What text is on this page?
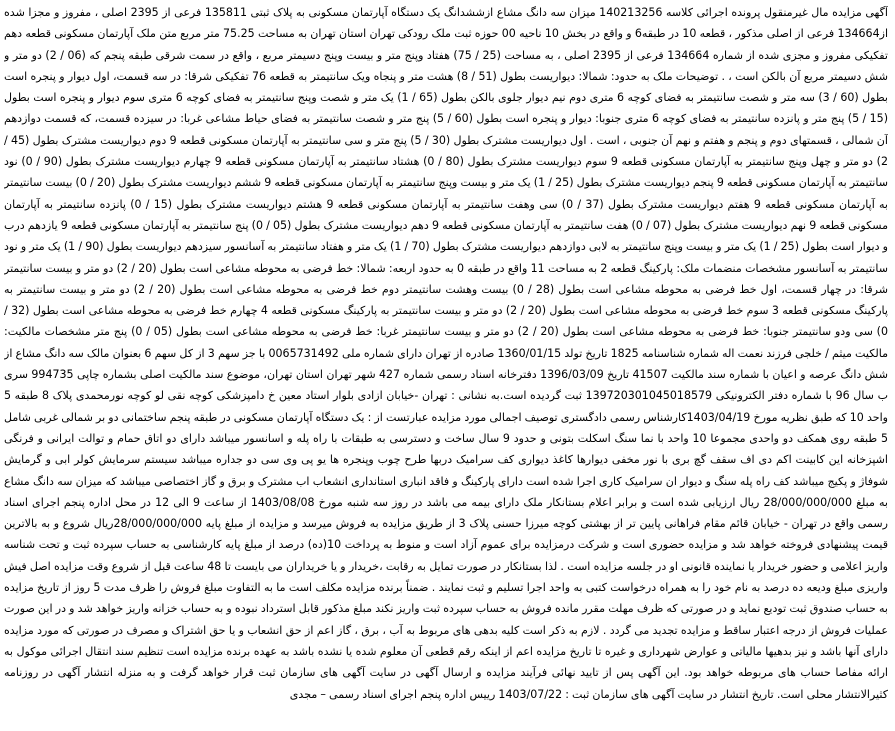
آگهی مزایده مال غیرمنقول پرونده اجرائی کلاسه 140213256 میزان سه دانگ مشاع ازششدانگ یک دستگاه آپارتمان مسکونی به پلاک ثبتی 135811 فرعی از 2395 اصلی ، مفروز و مجزا شده از134664 فرعی از اصلی مذکور ، قطعه 10 در طبقه6 و واقع در بخش 10 ناحیه 00 حوزه ثبت ملک رودکی تهران استان تهران به مساحت 75.25 متر مربع متن ملک آپارتمان مسکونی قطعه دهم تفکیکی مفروز و مجزی شده از شماره 134664 فرعی از 2395 اصلی ، به مساحت (25 / 75) هفتاد وپنج متر و بیست وپنج دسیمتر مربع ، واقع در سمت شرقی طبقه پنجم که (06 / 2) دو متر و شش دسیمتر مربع آن بالکن است ، . توضیحات ملک به حدود: شمالا: دیواریست بطول (51 / 8) هشت متر و پنجاه ویک سانتیمتر به قطعه 76 تفکیکی شرقا: در سه قسمت، اول دیوار و پنجره است بطول (60 / 3) سه متر و شصت سانتیمتر به فضای کوچه 6 متری دوم نیم دیوار جلوی بالکن بطول (65 / 1) یک متر و شصت وپنج سانتیمتر به فضای کوچه 6 متری سوم دیوار و پنجره است بطول (15 / 5) پنج متر و پانزده سانتیمتر به فضای کوچه 6 متری جنوبا: دیوار و پنجره است بطول (60 / 5) پنج متر و شصت سانتیمتر به فضای حیاط مشاعی غربا: در سیزده قسمت، که قسمت دوازدهم آن شمالی ، قسمتهای دوم و پنجم و هفتم و نهم آن جنوبی ، است . اول دیواریست مشترک بطول (30 / 5) پنج متر و سی سانتیمتر به آپارتمان مسکونی قطعه 9 دوم دیواریست مشترک بطول (45 / 2) دو متر و چهل وپنج سانتیمتر به آپارتمان مسکونی قطعه 9 سوم دیواریست مشترک بطول (80 / 0) هشتاد سانتیمتر به آپارتمان مسکونی قطعه 9 چهارم دیواریست مشترک بطول (90 / 0) نود سانتیمتر به آپارتمان مسکونی قطعه 9 پنجم دیواریست مشترک بطول (25 / 1) یک متر و بیست وپنج سانتیمتر به آپارتمان مسکونی قطعه 9 ششم دیواریست مشترک بطول (20 / 0) بیست سانتیمتر به آپارتمان مسکونی قطعه 9 هفتم دیواریست مشترک بطول (37 / 0) سی وهفت سانتیمتر به آپارتمان مسکونی قطعه 9 هشتم دیواریست مشترک بطول (15 / 0) پانزده سانتیمتر به آپارتمان مسکونی قطعه 9 نهم دیواریست مشترک بطول (07 / 0) هفت سانتیمتر به آپارتمان مسکونی قطعه 9 دهم دیواریست مشترک بطول (05 / 0) پنج سانتیمتر به آپارتمان مسکونی قطعه 9 یازدهم درب و دیوار است بطول (25 / 1) یک متر و بیست وپنج سانتیمتر به لابی دوازدهم دیواریست مشترک بطول (70 / 1) یک متر و هفتاد سانتیمتر به آسانسور سیزدهم دیواریست بطول (90 / 1) یک متر و نود سانتیمتر به آسانسور مشخصات منضمات ملک: پارکینگ قطعه 2 به مساحت 11 واقع در طبقه 0 به حدود اربعه: شمالا: خط فرضی به محوطه مشاعی است بطول (20 / 2) دو متر و بیست سانتیمتر شرقا: در چهار قسمت، اول خط فرضی به محوطه مشاعی است بطول (28 / 0) بیست وهشت سانتیمتر دوم خط فرضی به محوطه مشاعی است بطول (20 / 2) دو متر و بیست سانتیمتر به پارکینگ مسکونی قطعه 3 سوم خط فرضی به محوطه مشاعی است بطول (20 / 2) دو متر و بیست سانتیمتر به پارکینگ مسکونی قطعه 4 چهارم خط فرضی به محوطه مشاعی است بطول (32 / 0) سی ودو سانتیمتر جنوبا: خط فرضی به محوطه مشاعی است بطول (20 / 2) دو متر و بیست سانتیمتر غربا: خط فرضی به محوطه مشاعی است بطول (05 / 0) پنج متر مشخصات مالکیت: مالکیت میثم / خلجی فرزند نعمت اله شماره شناسنامه 1825 تاریخ تولد 1360/01/15 صادره از تهران دارای شماره ملی 0065731492 با جز سهم 3 از کل سهم 6 بعنوان مالک سه دانگ مشاع از شش دانگ عرصه و اعیان با شماره سند مالکیت 41507 تاریخ 1396/03/09 دفترخانه اسناد رسمی شماره 427 شهر تهران استان تهران، موضوع سند مالکیت اصلی بشماره چاپی 994735 سری ب سال 96 با شماره دفتر الکترونیکی 139720301045018579 ثبت گردیده است.به نشانی : تهران -خیابان ازادی بلوار استاد معین خ دامپزشکی کوچه نقی لو کوچه نورمحمدی پلاک 8 طبقه 5 واحد 10 که طبق نظریه مورخ 1403/04/19کارشناس رسمی دادگستری توصیف اجمالی مورد مزایده عبارتست از : یک دستگاه آپارتمان مسکونی در طبقه پنجم ساختمانی دو بر شمالی غربی شامل 5 طبقه روی همکف دو واحدی مجموعا 10 واحد با نما سنگ اسکلت بتونی و حدود 9 سال ساخت و دسترسی به طبقات با راه پله و اسانسور میباشد دارای دو اتاق حمام و توالت ایرانی و فرنگی اشپزخانه این کابینت اکم دی اف سقف گچ بری با نور مخفی دیوارها کاغذ دیواری کف سرامیک دربها طرح چوب وپنجره ها یو پی وی سی دو جداره میباشد سیستم سرمایش کولر ابی و گرمایش شوفاژ و پکیج میباشد کف راه پله سنگ و دیوار ان سرامیک کاری اجرا شده است دارای پارکینگ و فاقد انباری استانداری انشعاب اب مشترک و برق و گاز اختصاصی میباشد که میزان سه دانگ مشاع به مبلغ 28/000/000/000 ریال ارزیابی شده است و برابر اعلام بستانکار ملک دارای بیمه می باشد در روز سه شنبه مورخ 1403/08/08 از ساعت 9 الی 12 در محل اداره پنجم اجرای اسناد رسمی واقع در تهران - خیابان قائم مقام فراهانی پایین تر از بهشتی کوچه میرزا حسنی پلاک 3 از طریق مزایده به فروش میرسد و مزایده از مبلغ پایه 28/000/000/000ریال شروع و به بالاترین قیمت پیشنهادی فروخته خواهد شد و مزایده حضوری است و شرکت درمزایده برای عموم آزاد است و منوط به پرداخت 10(ده) درصد از مبلغ پایه کارشناسی به حساب سپرده ثبت و تحت شناسه واریز اعلامی و حضور خریدار یا نماینده قانونی او در جلسه مزایده است . لذا بستانکار در صورت تمایل به رقابت ،خریدار و یا خریداران می بایست تا 48 ساعت قبل از شروع وقت مزایده اصل فیش واریزی مبلغ ودیعه ده درصد به نام خود را به همراه درخواست کتبی به واحد اجرا تسلیم و ثبت نمایند . ضمناً برنده مزایده مکلف است ما به التفاوت مبلغ فروش را ظرف مدت 5 روز از تاریخ مزایده به حساب صندوق ثبت تودیع نماید و در صورتی که ظرف مهلت مقرر مانده فروش به حساب سپرده ثبت واریز نکند مبلغ مذکور قابل استرداد نبوده و به حساب خزانه واریز خواهد شد و در این صورت عملیات فروش از درجه اعتبار ساقط و مزایده تجدید می گردد . لازم به ذکر است کلیه بدهی های مربوط به آب ، برق ، گاز اعم از حق انشعاب و یا حق اشتراک و مصرف در صورتی که مورد مزایده دارای آنها باشد و نیز بدهیها مالیاتی و عوارض شهرداری و غیره تا تاریخ مزایده اعم از اینکه رقم قطعی آن معلوم شده یا نشده باشد به عهده برنده مزایده است تنظیم سند انتقال اجرائی موکول به ارائه مفاصا حساب های مربوطه خواهد بود. این آگهی پس از تایید نهائی فرآیند مزایده و ارسال آگهی در سایت آگهی های سازمان ثبت قرار خواهد گرفت و به منزله انتشار آگهی در روزنامه کثیرالانتشار محلی است. تاریخ انتشار در سایت آگهی های سازمان ثبت : 1403/07/22 رییس اداره پنجم اجرای اسناد رسمی – مجدی
